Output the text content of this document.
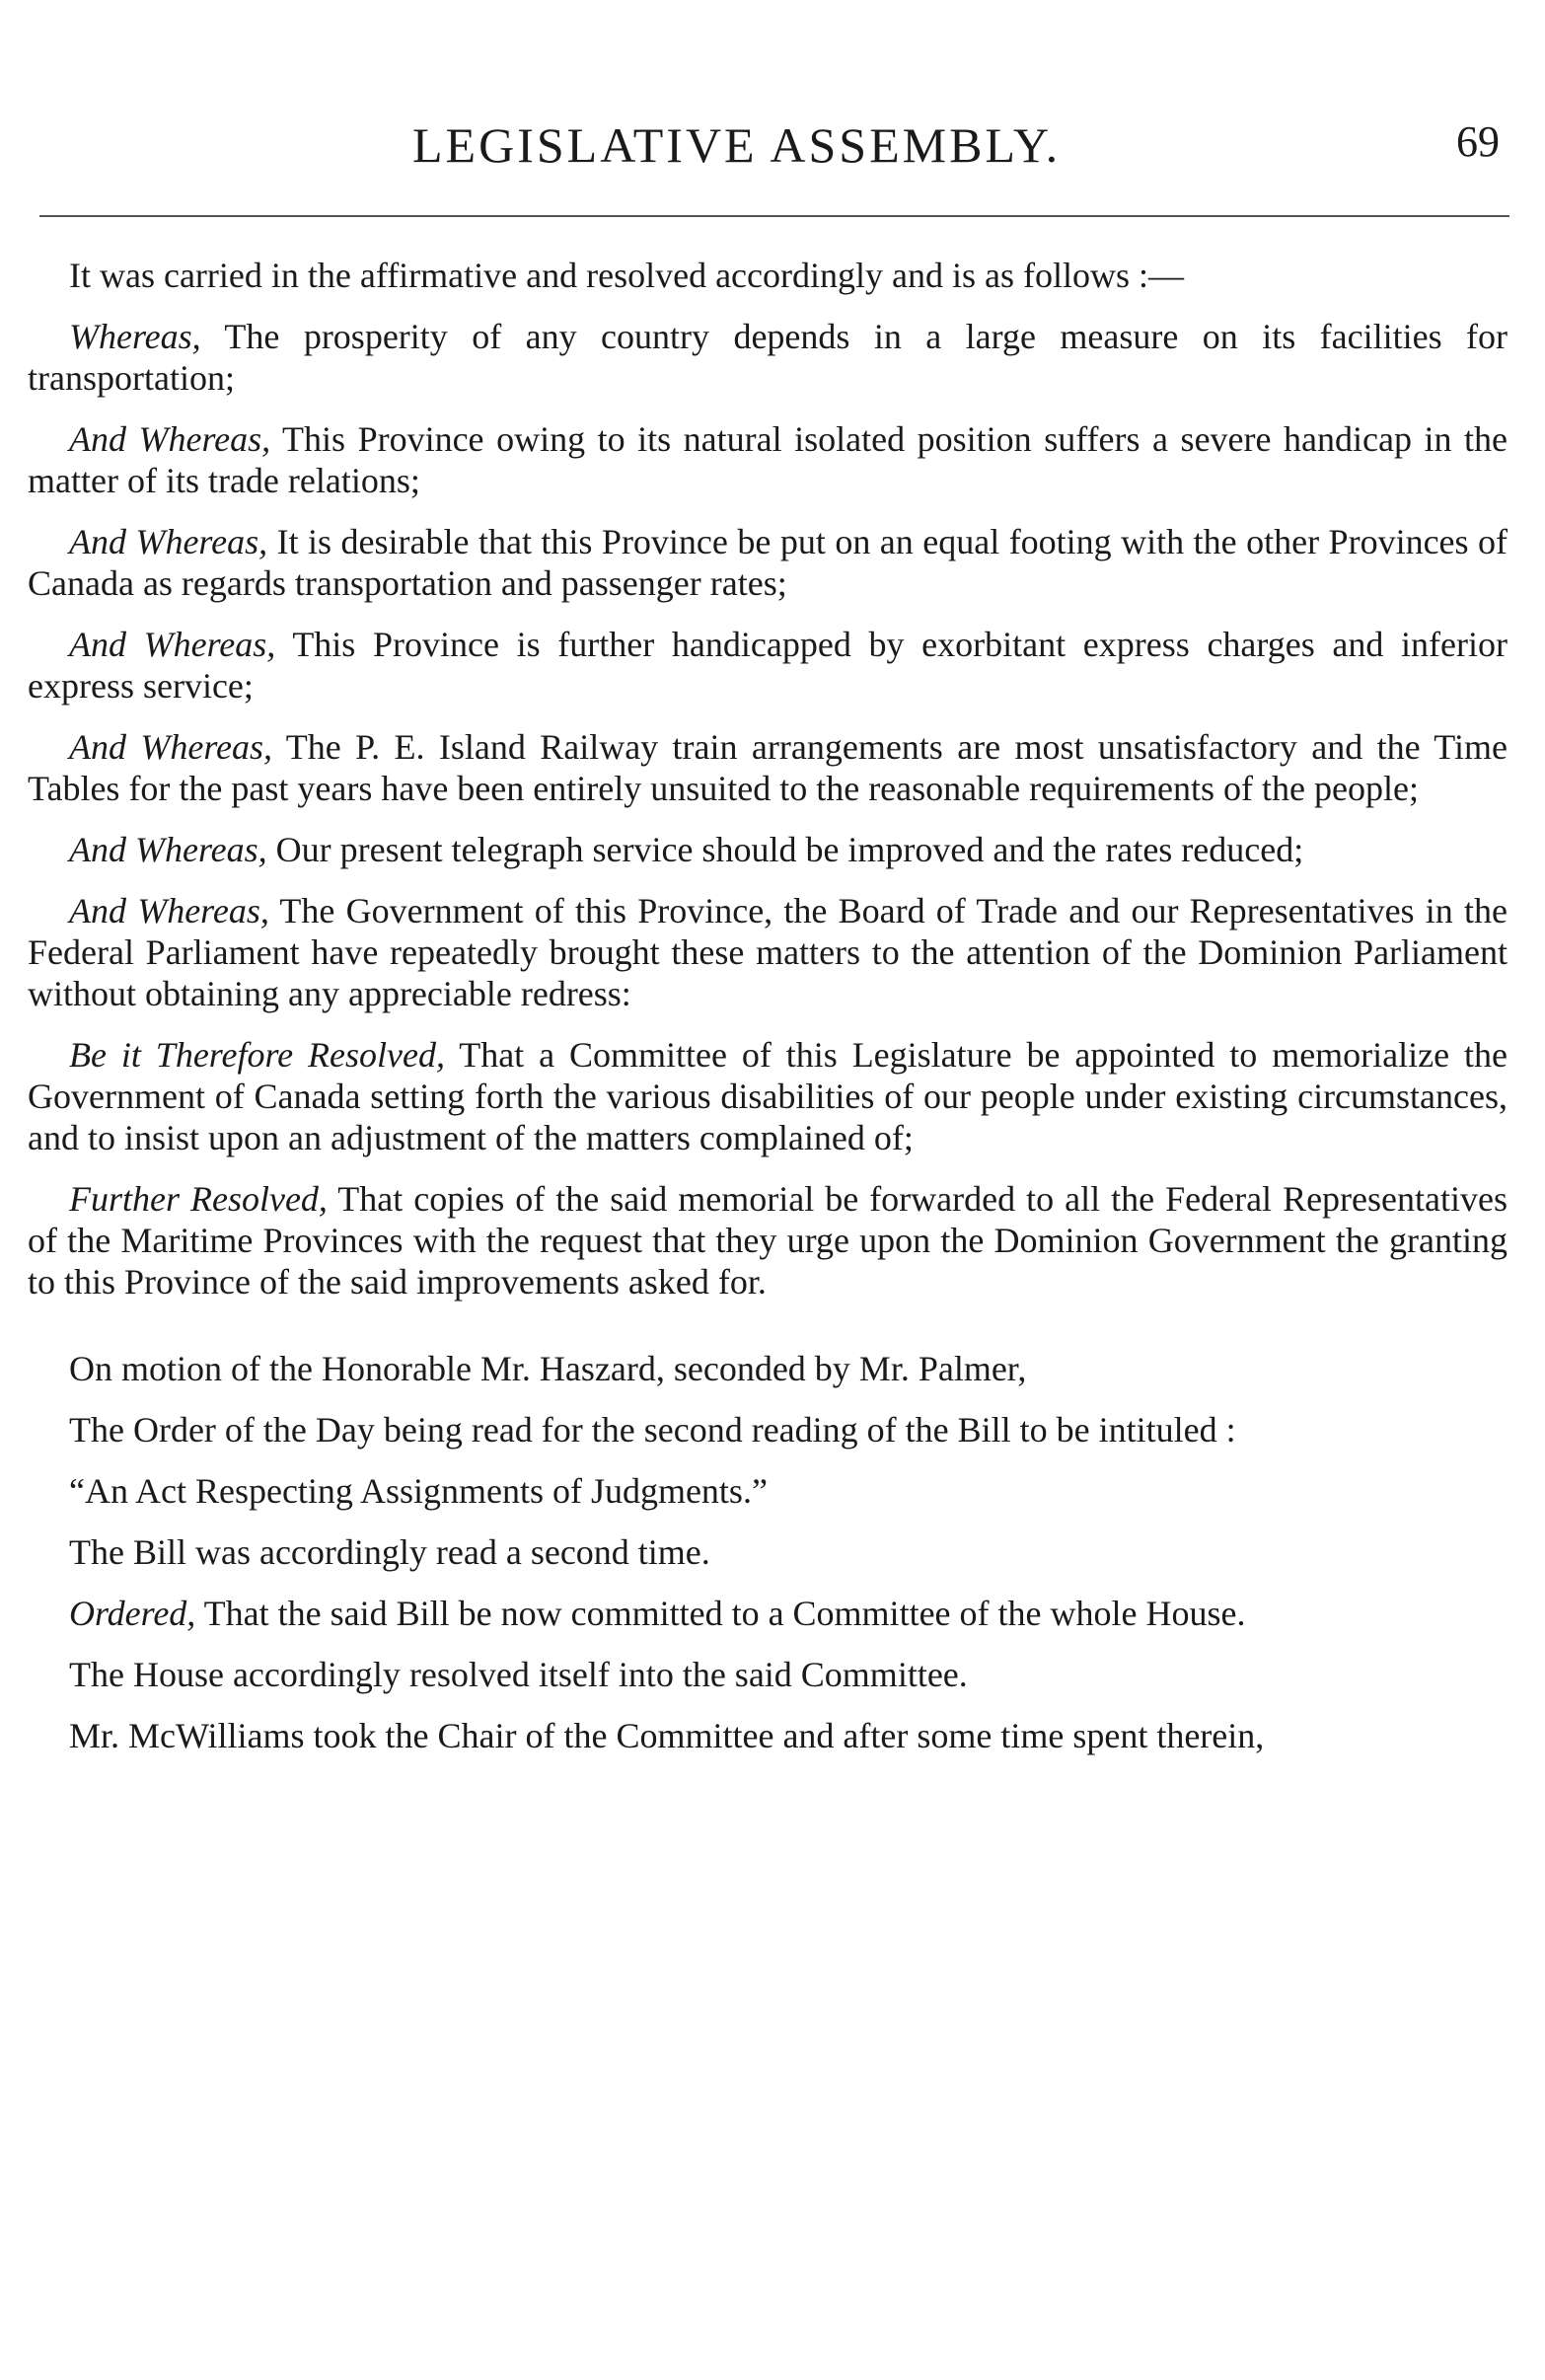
LEGISLATIVE ASSEMBLY.	69

It was carried in the affirmative and resolved accordingly and is as follows :—

Whereas, The prosperity of any country depends in a large measure on its facilities for transportation;

And Whereas, This Province owing to its natural isolated position suffers a severe handicap in the matter of its trade relations;

And Whereas, It is desirable that this Province be put on an equal footing with the other Provinces of Canada as regards transportation and passenger rates;

And Whereas, This Province is further handicapped by exorbitant express charges and inferior express service;

And Whereas, The P. E. Island Railway train arrangements are most unsatisfactory and the Time Tables for the past years have been entirely unsuited to the reasonable requirements of the people;

And Whereas, Our present telegraph service should be improved and the rates reduced;

And Whereas, The Government of this Province, the Board of Trade and our Representatives in the Federal Parliament have repeatedly brought these matters to the attention of the Dominion Parliament without obtaining any appreciable redress:

Be it Therefore Resolved, That a Committee of this Legislature be appointed to memorialize the Government of Canada setting forth the various disabilities of our people under existing circumstances, and to insist upon an adjustment of the matters complained of;

Further Resolved, That copies of the said memorial be forwarded to all the Federal Representatives of the Maritime Provinces with the request that they urge upon the Dominion Government the granting to this Province of the said improvements asked for.

On motion of the Honorable Mr. Haszard, seconded by Mr. Palmer,

The Order of the Day being read for the second reading of the Bill to be intituled :

“An Act Respecting Assignments of Judgments.”

The Bill was accordingly read a second time.

Ordered, That the said Bill be now committed to a Committee of the whole House.

The House accordingly resolved itself into the said Committee.

Mr. McWilliams took the Chair of the Committee and after some time spent therein,
